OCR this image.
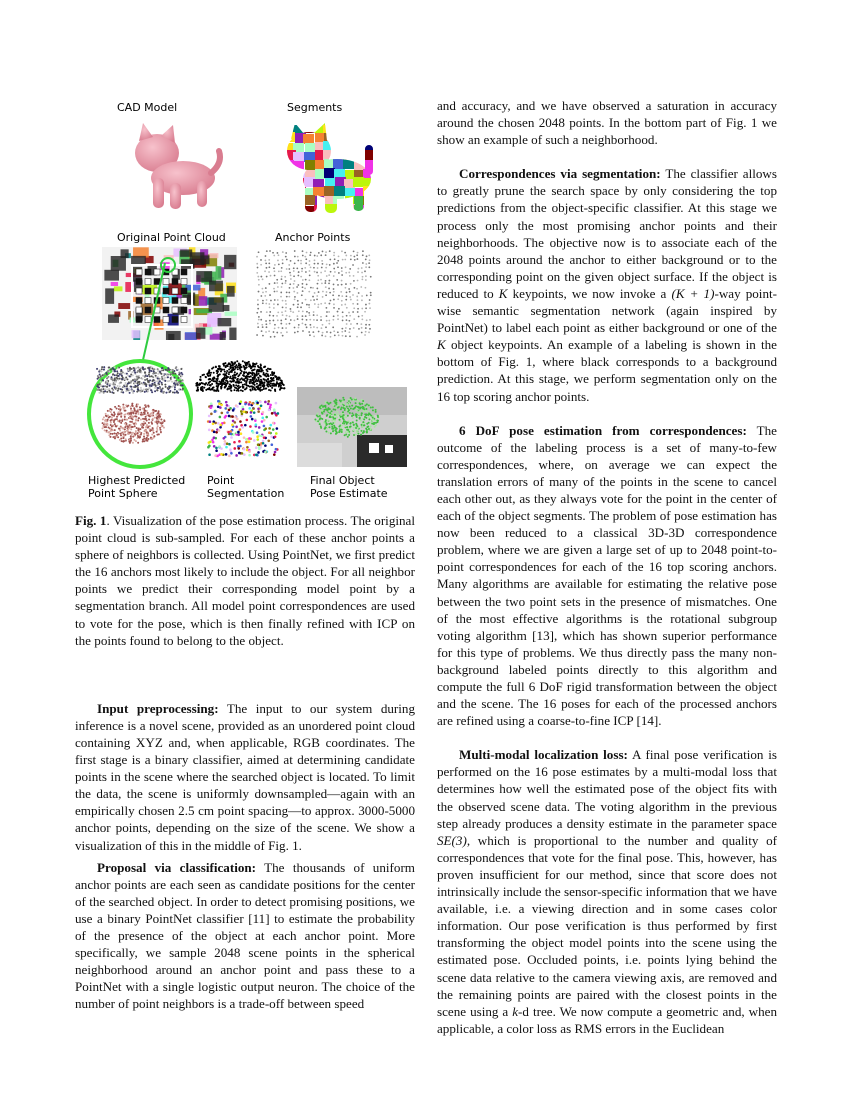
CAD Model	Segments
Original Point Cloud	Anchor Points
Highest Predicted
Point Sphere
Point
Segmentation
Final Object
Pose Estimate

Fig. 1. Visualization of the pose estimation process. The original point cloud is sub-sampled. For each of these anchor points a sphere of neighbors is collected. Using PointNet, we first predict the 16 anchors most likely to include the object. For all neighbor points we predict their corresponding model point by a segmentation branch. All model point correspondences are used to vote for the pose, which is then finally refined with ICP on the points found to belong to the object.

Input preprocessing: The input to our system during inference is a novel scene, provided as an unordered point cloud containing XYZ and, when applicable, RGB coordinates. The first stage is a binary classifier, aimed at determining candidate points in the scene where the searched object is located. To limit the data, the scene is uniformly downsampled—again with an empirically chosen 2.5 cm point spacing—to approx. 3000-5000 anchor points, depending on the size of the scene. We show a visualization of this in the middle of Fig. 1.

Proposal via classification: The thousands of uniform anchor points are each seen as candidate positions for the center of the searched object. In order to detect promising positions, we use a binary PointNet classifier [11] to estimate the probability of the presence of the object at each anchor point. More specifically, we sample 2048 scene points in the spherical neighborhood around an anchor point and pass these to a PointNet with a single logistic output neuron. The choice of the number of point neighbors is a trade-off between speed

and accuracy, and we have observed a saturation in accuracy around the chosen 2048 points. In the bottom part of Fig. 1 we show an example of such a neighborhood.

Correspondences via segmentation: The classifier allows to greatly prune the search space by only considering the top predictions from the object-specific classifier. At this stage we process only the most promising anchor points and their neighborhoods. The objective now is to associate each of the 2048 points around the anchor to either background or to the corresponding point on the given object surface. If the object is reduced to K keypoints, we now invoke a (K + 1)-way point-wise semantic segmentation network (again inspired by PointNet) to label each point as either background or one of the K object keypoints. An example of a labeling is shown in the bottom of Fig. 1, where black corresponds to a background prediction. At this stage, we perform segmentation only on the 16 top scoring anchor points.

6 DoF pose estimation from correspondences: The outcome of the labeling process is a set of many-to-few correspondences, where, on average we can expect the translation errors of many of the points in the scene to cancel each other out, as they always vote for the point in the center of each of the object segments. The problem of pose estimation has now been reduced to a classical 3D-3D correspondence problem, where we are given a large set of up to 2048 point-to-point correspondences for each of the 16 top scoring anchors. Many algorithms are available for estimating the relative pose between the two point sets in the presence of mismatches. One of the most effective algorithms is the rotational subgroup voting algorithm [13], which has shown superior performance for this type of problems. We thus directly pass the many non-background labeled points directly to this algorithm and compute the full 6 DoF rigid transformation between the object and the scene. The 16 poses for each of the processed anchors are refined using a coarse-to-fine ICP [14].

Multi-modal localization loss: A final pose verification is performed on the 16 pose estimates by a multi-modal loss that determines how well the estimated pose of the object fits with the observed scene data. The voting algorithm in the previous step already produces a density estimate in the parameter space SE(3), which is proportional to the number and quality of correspondences that vote for the final pose. This, however, has proven insufficient for our method, since that score does not intrinsically include the sensor-specific information that we have available, i.e. a viewing direction and in some cases color information. Our pose verification is thus performed by first transforming the object model points into the scene using the estimated pose. Occluded points, i.e. points lying behind the scene data relative to the camera viewing axis, are removed and the remaining points are paired with the closest points in the scene using a k-d tree. We now compute a geometric and, when applicable, a color loss as RMS errors in the Euclidean
